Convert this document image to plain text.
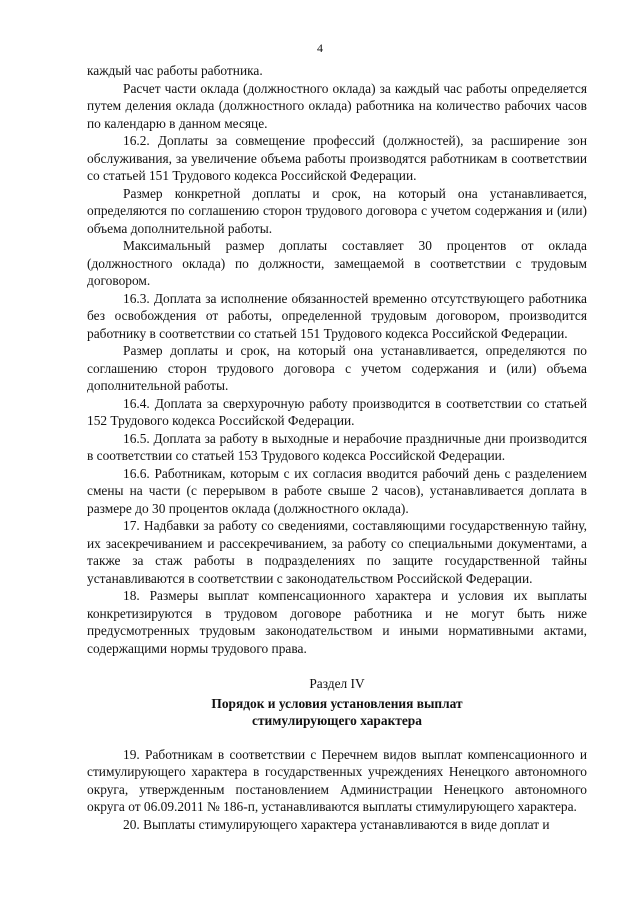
4

каждый час работы работника.

Расчет части оклада (должностного оклада) за каждый час работы определяется путем деления оклада (должностного оклада) работника на количество рабочих часов по календарю в данном месяце.

16.2. Доплаты за совмещение профессий (должностей), за расширение зон обслуживания, за увеличение объема работы производятся работникам в соответствии со статьей 151 Трудового кодекса Российской Федерации.

Размер конкретной доплаты и срок, на который она устанавливается, определяются по соглашению сторон трудового договора с учетом содержания и (или) объема дополнительной работы.

Максимальный размер доплаты составляет 30 процентов от оклада (должностного оклада) по должности, замещаемой в соответствии с трудовым договором.

16.3. Доплата за исполнение обязанностей временно отсутствующего работника без освобождения от работы, определенной трудовым договором, производится работнику в соответствии со статьей 151 Трудового кодекса Российской Федерации.

Размер доплаты и срок, на который она устанавливается, определяются по соглашению сторон трудового договора с учетом содержания и (или) объема дополнительной работы.

16.4. Доплата за сверхурочную работу производится в соответствии со статьей 152 Трудового кодекса Российской Федерации.

16.5. Доплата за работу в выходные и нерабочие праздничные дни производится в соответствии со статьей 153 Трудового кодекса Российской Федерации.

16.6. Работникам, которым с их согласия вводится рабочий день с разделением смены на части (с перерывом в работе свыше 2 часов), устанавливается доплата в размере до 30 процентов оклада (должностного оклада).

17. Надбавки за работу со сведениями, составляющими государственную тайну, их засекречиванием и рассекречиванием, за работу со специальными документами, а также за стаж работы в подразделениях по защите государственной тайны устанавливаются в соответствии с законодательством Российской Федерации.

18. Размеры выплат компенсационного характера и условия их выплаты конкретизируются в трудовом договоре работника и не могут быть ниже предусмотренных трудовым законодательством и иными нормативными актами, содержащими нормы трудового права.

Раздел IV

Порядок и условия установления выплат

стимулирующего характера

19. Работникам в соответствии с Перечнем видов выплат компенсационного и стимулирующего характера в государственных учреждениях Ненецкого автономного округа, утвержденным постановлением Администрации Ненецкого автономного округа от 06.09.2011 № 186-п, устанавливаются выплаты стимулирующего характера.

20. Выплаты стимулирующего характера устанавливаются в виде доплат и
